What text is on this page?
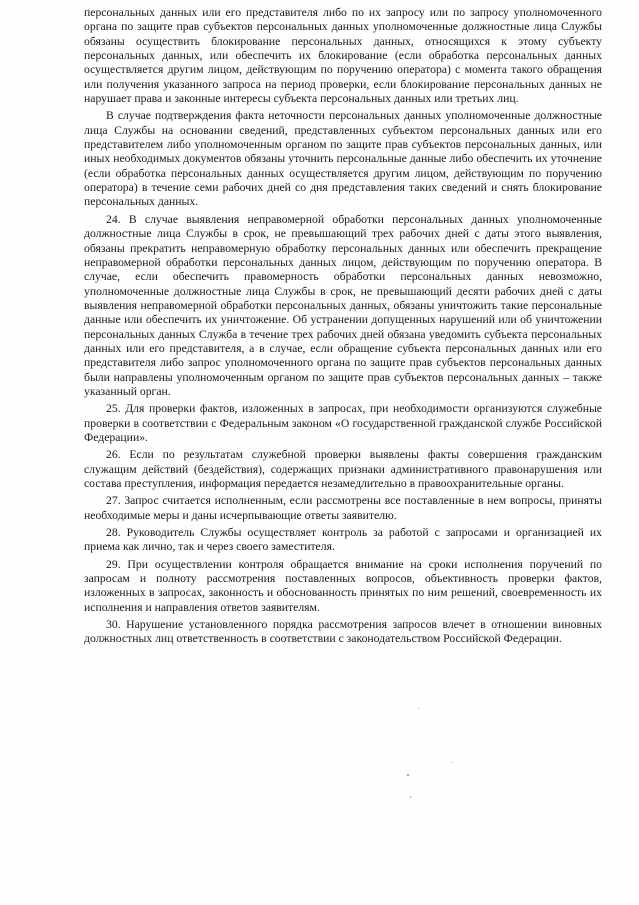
персональных данных или его представителя либо по их запросу или по запросу уполномоченного органа по защите прав субъектов персональных данных уполномоченные должностные лица Службы обязаны осуществить блокирование персональных данных, относящихся к этому субъекту персональных данных, или обеспечить их блокирование (если обработка персональных данных осуществляется другим лицом, действующим по поручению оператора) с момента такого обращения или получения указанного запроса на период проверки, если блокирование персональных данных не нарушает права и законные интересы субъекта персональных данных или третьих лиц.

В случае подтверждения факта неточности персональных данных уполномоченные должностные лица Службы на основании сведений, представленных субъектом персональных данных или его представителем либо уполномоченным органом по защите прав субъектов персональных данных, или иных необходимых документов обязаны уточнить персональные данные либо обеспечить их уточнение (если обработка персональных данных осуществляется другим лицом, действующим по поручению оператора) в течение семи рабочих дней со дня представления таких сведений и снять блокирование персональных данных.

24. В случае выявления неправомерной обработки персональных данных уполномоченные должностные лица Службы в срок, не превышающий трех рабочих дней с даты этого выявления, обязаны прекратить неправомерную обработку персональных данных или обеспечить прекращение неправомерной обработки персональных данных лицом, действующим по поручению оператора. В случае, если обеспечить правомерность обработки персональных данных невозможно, уполномоченные должностные лица Службы в срок, не превышающий десяти рабочих дней с даты выявления неправомерной обработки персональных данных, обязаны уничтожить такие персональные данные или обеспечить их уничтожение. Об устранении допущенных нарушений или об уничтожении персональных данных Служба в течение трех рабочих дней обязана уведомить субъекта персональных данных или его представителя, а в случае, если обращение субъекта персональных данных или его представителя либо запрос уполномоченного органа по защите прав субъектов персональных данных были направлены уполномоченным органом по защите прав субъектов персональных данных – также указанный орган.

25. Для проверки фактов, изложенных в запросах, при необходимости организуются служебные проверки в соответствии с Федеральным законом «О государственной гражданской службе Российской Федерации».

26. Если по результатам служебной проверки выявлены факты совершения гражданским служащим действий (бездействия), содержащих признаки административного правонарушения или состава преступления, информация передается незамедлительно в правоохранительные органы.

27. Запрос считается исполненным, если рассмотрены все поставленные в нем вопросы, приняты необходимые меры и даны исчерпывающие ответы заявителю.

28. Руководитель Службы осуществляет контроль за работой с запросами и организацией их приема как лично, так и через своего заместителя.

29. При осуществлении контроля обращается внимание на сроки исполнения поручений по запросам и полноту рассмотрения поставленных вопросов, объективность проверки фактов, изложенных в запросах, законность и обоснованность принятых по ним решений, своевременность их исполнения и направления ответов заявителям.

30. Нарушение установленного порядка рассмотрения запросов влечет в отношении виновных должностных лиц ответственность в соответствии с законодательством Российской Федерации.
